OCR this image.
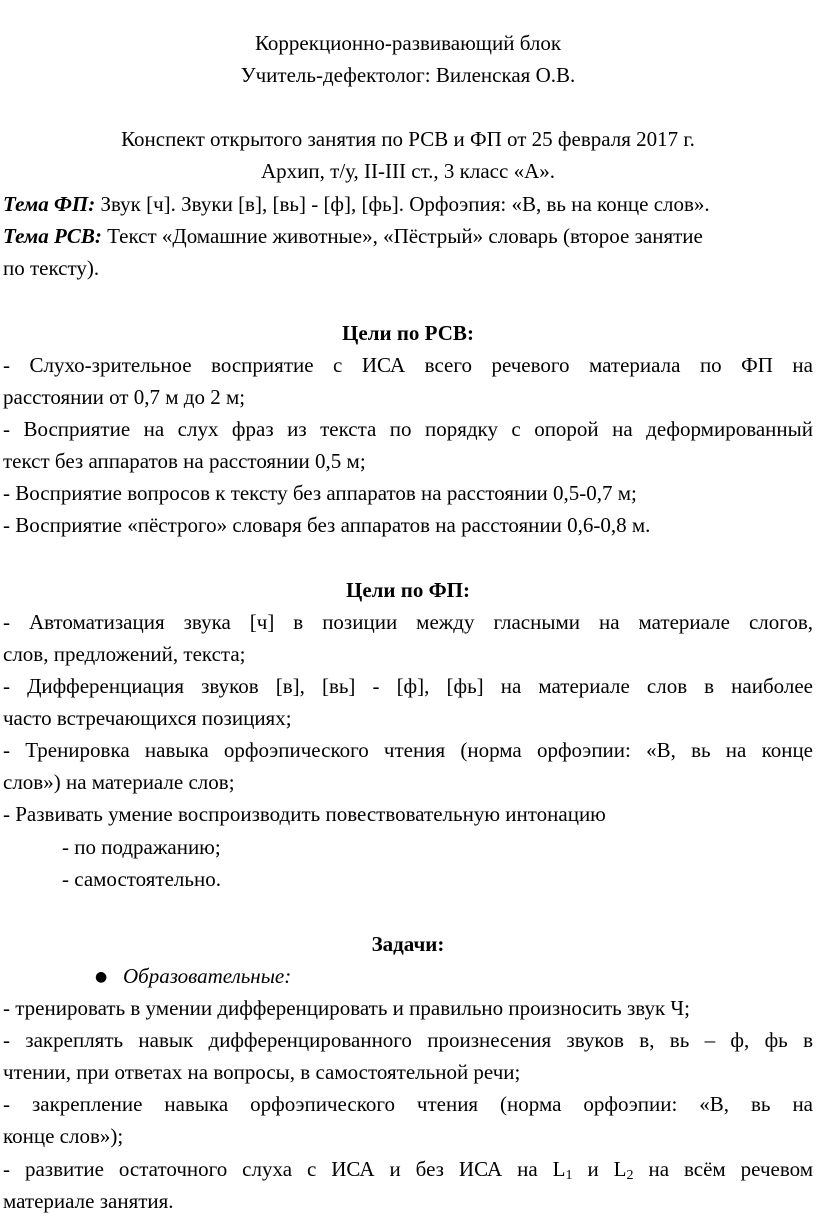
Коррекционно-развивающий блок
Учитель-дефектолог: Виленская О.В.
Конспект открытого занятия по РСВ и ФП от 25 февраля 2017 г.
Архип, т/у, II-III ст., 3 класс «А».
Тема ФП: Звук [ч]. Звуки [в], [вь] - [ф], [фь]. Орфоэпия: «В, вь на конце слов».
Тема РСВ: Текст «Домашние животные», «Пёстрый» словарь (второе занятие
по тексту).
Цели по РСВ:
- Слухо-зрительное восприятие с ИСА всего речевого материала по ФП на
расстоянии от 0,7 м до 2 м;
- Восприятие на слух фраз из текста по порядку с опорой на деформированный
текст без аппаратов на расстоянии 0,5 м;
- Восприятие вопросов к тексту без аппаратов на расстоянии 0,5-0,7 м;
- Восприятие «пёстрого» словаря без аппаратов на расстоянии 0,6-0,8 м.
Цели по ФП:
- Автоматизация звука [ч] в позиции между гласными на материале слогов,
слов, предложений, текста;
- Дифференциация звуков [в], [вь] - [ф], [фь] на материале слов в наиболее
часто встречающихся позициях;
- Тренировка навыка орфоэпического чтения (норма орфоэпии: «В, вь на конце
слов») на материале слов;
- Развивать умение воспроизводить повествовательную интонацию
- по подражанию;
- самостоятельно.
Задачи:
● Образовательные:
- тренировать в умении дифференцировать и правильно произносить звук Ч;
- закреплять навык дифференцированного произнесения звуков в, вь – ф, фь в
чтении, при ответах на вопросы, в самостоятельной речи;
- закрепление навыка орфоэпического чтения (норма орфоэпии: «В, вь на
конце слов»);
- развитие остаточного слуха с ИСА и без ИСА на $L_1$ и $L_2$ на всём речевом
материале занятия.
